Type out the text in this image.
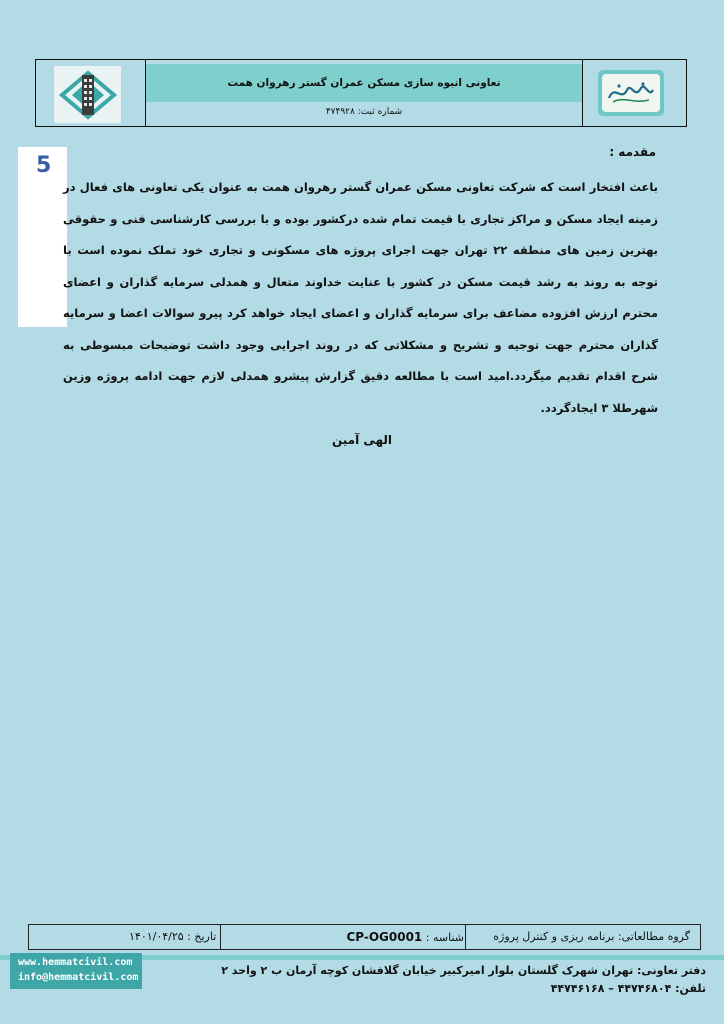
تعاونی انبوه سازی مسکن عمران گستر رهروان همت
شماره ثبت: ۴۷۴۹۲۸
5
مقدمه :
باعث افتخار است که شرکت تعاونی مسکن عمران گستر رهروان همت به عنوان یکی تعاونی های فعال در زمینه ایجاد مسکن و مراکز تجاری با قیمت تمام شده درکشور بوده و با بررسی کارشناسی فنی و حقوقی بهترین زمین های منطقه ۲۲ تهران جهت اجرای پروژه های مسکونی و تجاری خود تملک نموده است با توجه به روند به رشد قیمت مسکن در کشور با عنایت خداوند متعال و همدلی سرمایه گذاران و اعضای محترم ارزش افزوده مضاعف برای سرمایه گذاران و اعضای ایجاد خواهد کرد پیرو سوالات اعضا و سرمایه گذاران محترم جهت توجیه و تشریح و مشکلاتی که در روند اجرایی وجود داشت توضیحات مبسوطی به شرح اقدام تقدیم میگردد.امید است با مطالعه دقیق گزارش پیشرو همدلی لازم جهت ادامه پروژه وزین شهرطلا ۳ ایجادگردد.
الهی آمین
گروه مطالعاتی: برنامه ریزی و کنترل پروژه
شناسه : CP-OG0001
تاریخ : ۱۴۰۱/۰۴/۲۵
www.hemmatcivil.com
info@hemmatcivil.com
دفتر تعاونی: تهران شهرک گلستان بلوار امیرکبیر خیابان گلافشان کوچه آرمان ب ۲ واحد ۲
تلفن: ۴۴۷۴۶۸۰۴ – ۴۴۷۴۶۱۶۸
